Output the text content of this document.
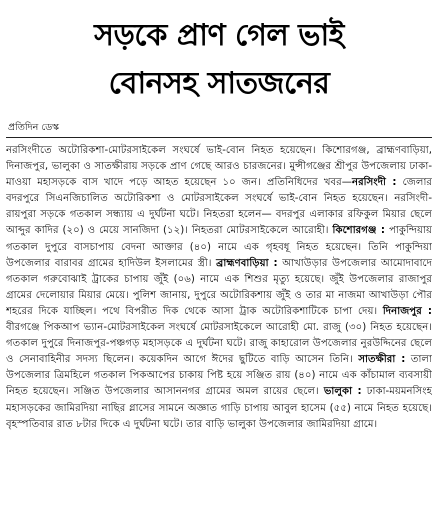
সড়কে প্রাণ গেল ভাই
বোনসহ সাতজনের
প্রতিদিন ডেস্ক

নরসিংদীতে অটোরিকশা-মোটরসাইকেল সংঘর্ষে ভাই-বোন নিহত হয়েছেন। কিশোরগঞ্জ, ব্রাহ্মণবাড়িয়া, দিনাজপুর, ভালুকা ও সাতক্ষীরায় সড়কে প্রাণ গেছে আরও চারজনের। মুন্সীগঞ্জের শ্রীপুর উপজেলায় ঢাকা-মাওয়া মহাসড়কে বাস খাদে পড়ে আহত হয়েছেন ১০ জন। প্রতিনিধিদের খবর—নরসিংদী : জেলার বদরপুরে সিএনজিচালিত অটোরিকশা ও মোটরসাইকেল সংঘর্ষে ভাই-বোন নিহত হয়েছেন। নরসিংদী-রায়পুরা সড়কে গতকাল সন্ধ্যায় এ দুর্ঘটনা ঘটে। নিহতরা হলেন— বদরপুর এলাকার রফিকুল মিয়ার ছেলে আব্দুর কাদির (২০) ও মেয়ে সানজিদা (১২)। নিহতরা মোটরসাইকেলে আরোহী। কিশোরগঞ্জ : পাকুন্দিয়ায় গতকাল দুপুরে বাসচাপায় বেদনা আক্তার (৪০) নামে এক গৃহবধূ নিহত হয়েছেন। তিনি পাকুন্দিয়া উপজেলার বারাবর গ্রামের হাদিউল ইসলামের স্ত্রী। ব্রাহ্মণবাড়িয়া : আখাউড়ার উপজেলার আমোদাবাদে গতকাল গরুবোঝাই ট্রাকের চাপায় জুঁই (০৬) নামে এক শিশুর মৃত্যু হয়েছে। জুঁই উপজেলার রাজাপুর গ্রামের দেলোয়ার মিয়ার মেয়ে। পুলিশ জানায়, দুপুরে অটোরিকশায় জুঁই ও তার মা নাজমা আখাউড়া পৌর শহরের দিকে যাচ্ছিল। পথে বিপরীত দিক থেকে আসা ট্রাক অটোরিকশাটিকে চাপা দেয়। দিনাজপুর : বীরগঞ্জে পিকআপ ভ্যান-মোটরসাইকেল সংঘর্ষে মোটরসাইকেলে আরোহী মো. রাজু (৩০) নিহত হয়েছেন। গতকাল দুপুরে দিনাজপুর-পঞ্চগড় মহাসড়কে এ দুর্ঘটনা ঘটে। রাজু কাহারোল উপজেলার নুরউদ্দিনের ছেলে ও সেনাবাহিনীর সদস্য ছিলেন। কয়েকদিন আগে ঈদের ছুটিতে বাড়ি আসেন তিনি। সাতক্ষীরা : তালা উপজেলার ত্রিমহিলে গতকাল পিকআপের চাকায় পিষ্ট হয়ে সঞ্জিত রায় (৪০) নামে এক কাঁচামাল ব্যবসায়ী নিহত হয়েছেন। সঞ্জিত উপজেলার আসাননগর গ্রামের অমল রায়ের ছেলে। ভালুকা : ঢাকা-ময়মনসিংহ মহাসড়কের জামিরদিয়া নাছির গ্লাসের সামনে অজ্ঞাত গাড়ি চাপায় আবুল হাসেম (৫৫) নামে নিহত হয়েছে। বৃহস্পতিবার রাত ৮টার দিকে এ দুর্ঘটনা ঘটে। তার বাড়ি ভালুকা উপজেলার জামিরদিয়া গ্রামে।
